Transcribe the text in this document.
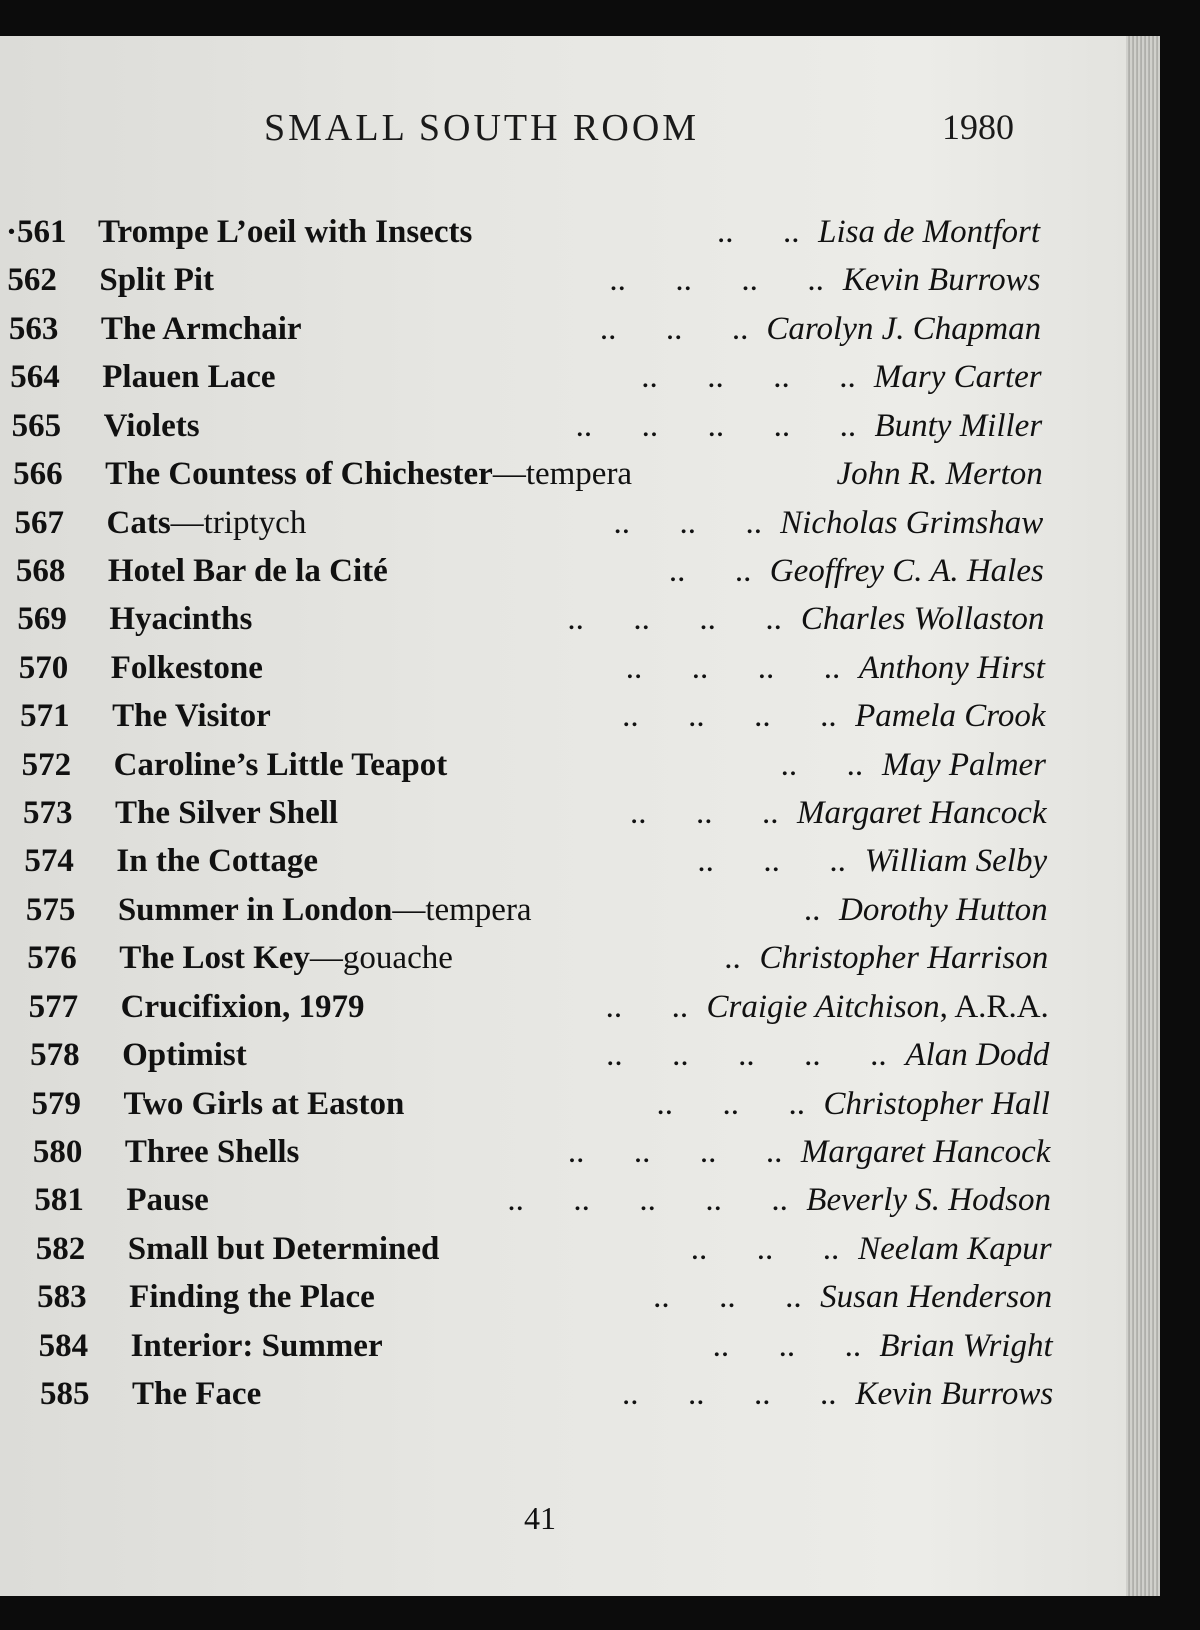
SMALL SOUTH ROOM	1980
·561 Trompe L’oeil with Insects	..      .. Lisa de Montfort
562 Split Pit	..      ..      ..      .. Kevin Burrows
563 The Armchair	..      ..      .. Carolyn J. Chapman
564 Plauen Lace	..      ..      ..      .. Mary Carter
565 Violets	..      ..      ..      ..      .. Bunty Miller
566 The Countess of Chichester—tempera	John R. Merton
567 Cats—triptych	..      ..      .. Nicholas Grimshaw
568 Hotel Bar de la Cité	..      .. Geoffrey C. A. Hales
569 Hyacinths	..      ..      ..      .. Charles Wollaston
570 Folkestone	..      ..      ..      .. Anthony Hirst
571 The Visitor	..      ..      ..      .. Pamela Crook
572 Caroline’s Little Teapot	..      .. May Palmer
573 The Silver Shell	..      ..      .. Margaret Hancock
574 In the Cottage	..      ..      .. William Selby
575 Summer in London—tempera	.. Dorothy Hutton
576 The Lost Key—gouache	.. Christopher Harrison
577 Crucifixion, 1979	..      .. Craigie Aitchison, A.R.A.
578 Optimist	..      ..      ..      ..      .. Alan Dodd
579 Two Girls at Easton	..      ..      .. Christopher Hall
580 Three Shells	..      ..      ..      .. Margaret Hancock
581 Pause	..      ..      ..      ..      .. Beverly S. Hodson
582 Small but Determined	..      ..      .. Neelam Kapur
583 Finding the Place	..      ..      .. Susan Henderson
584 Interior: Summer	..      ..      .. Brian Wright
585 The Face	..      ..      ..      .. Kevin Burrows
41
